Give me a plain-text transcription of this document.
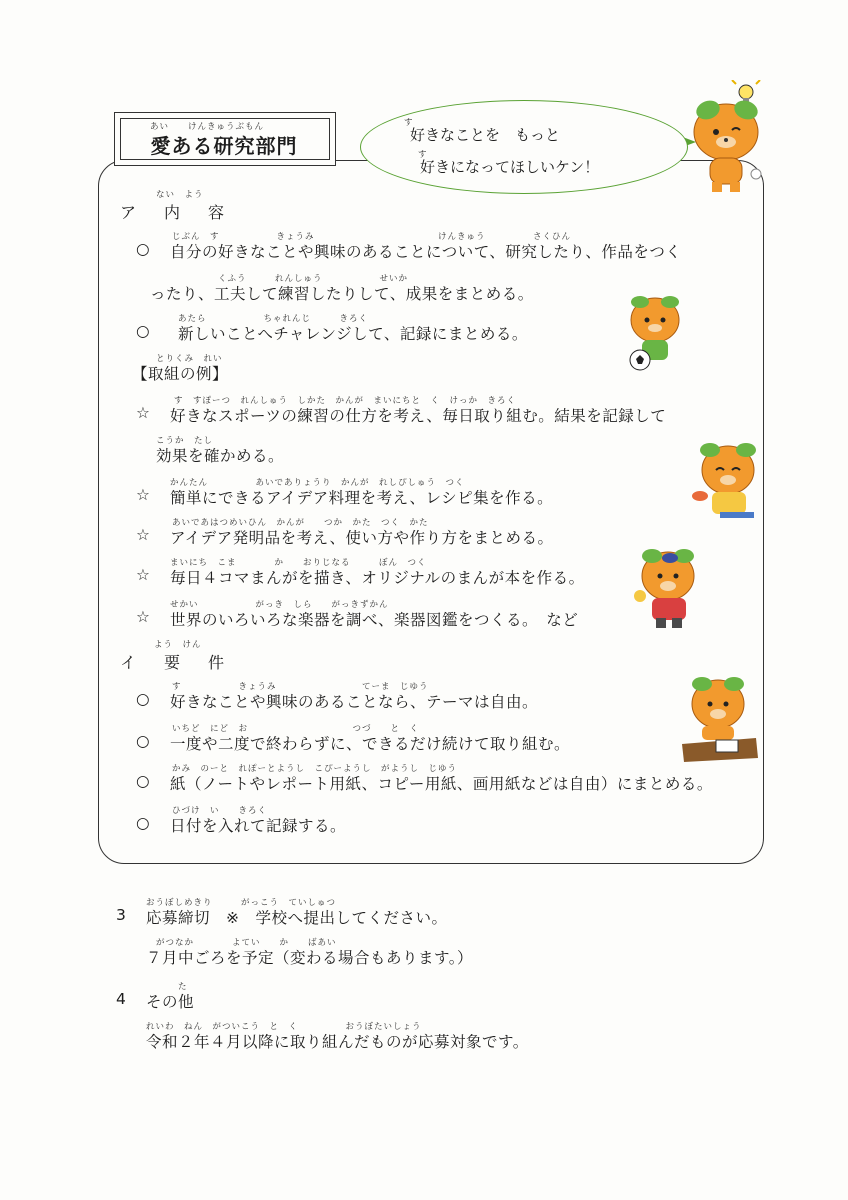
あい　　けんきゅうぶもん
愛ある研究部門
す
好きなことを　もっと
す
好きになってほしいケン！
ない　よう
ア　内　容
じぶん　す　　　　　　きょうみ　　　　　　　　　　　　　けんきゅう　　　　　さくひん
○ 自分の好きなことや興味のあることについて、研究したり、作品をつく
くふう　　　れんしゅう　　　　　　せいか
ったり、工夫して練習したりして、成果をまとめる。
あたら　　　　　　ちゃれんじ　　　きろく
○ 新しいことへチャレンジして、記録にまとめる。
とりくみ　れい
【取組の例】
す　すぽーつ　れんしゅう　しかた　かんが　まいにちと　く　けっか　きろく
☆ 好きなスポーツの練習の仕方を考え、毎日取り組む。結果を記録して
こうか　たし
効果を確かめる。
かんたん　　　　　あいでありょうり　かんが　れしぴしゅう　つく
☆ 簡単にできるアイデア料理を考え、レシピ集を作る。
あいであはつめいひん　かんが　　つか　かた　つく　かた
☆ アイデア発明品を考え、使い方や作り方をまとめる。
まいにち　こま　　　　か　　おりじなる　　　ぼん　つく
☆ 毎日４コマまんがを描き、オリジナルのまんが本を作る。
せかい　　　　　　がっき　しら　　がっきずかん
☆ 世界のいろいろな楽器を調べ、楽器図鑑をつくる。　など
よう　けん
イ　要　件
す　　　　　　きょうみ　　　　　　　　　てーま　じゆう
○ 好きなことや興味のあることなら、テーマは自由。
いちど　にど　お　　　　　　　　　　　つづ　　と　く
○ 一度や二度で終わらずに、できるだけ続けて取り組む。
かみ　のーと　れぽーとようし　こぴーようし　がようし　じゆう
○ 紙（ノートやレポート用紙、コピー用紙、画用紙などは自由）にまとめる。
ひづけ　い　　きろく
○ 日付を入れて記録する。
3
おうぼしめきり　　　がっこう　ていしゅつ
応募締切　※　学校へ提出してください。
がつなか　　　　よてい　　か　　ばあい
７月中ごろを予定（変わる場合もあります。）
4
た
その他
れいわ　ねん　がついこう　と　く　　　　　おうぼたいしょう
令和２年４月以降に取り組んだものが応募対象です。
